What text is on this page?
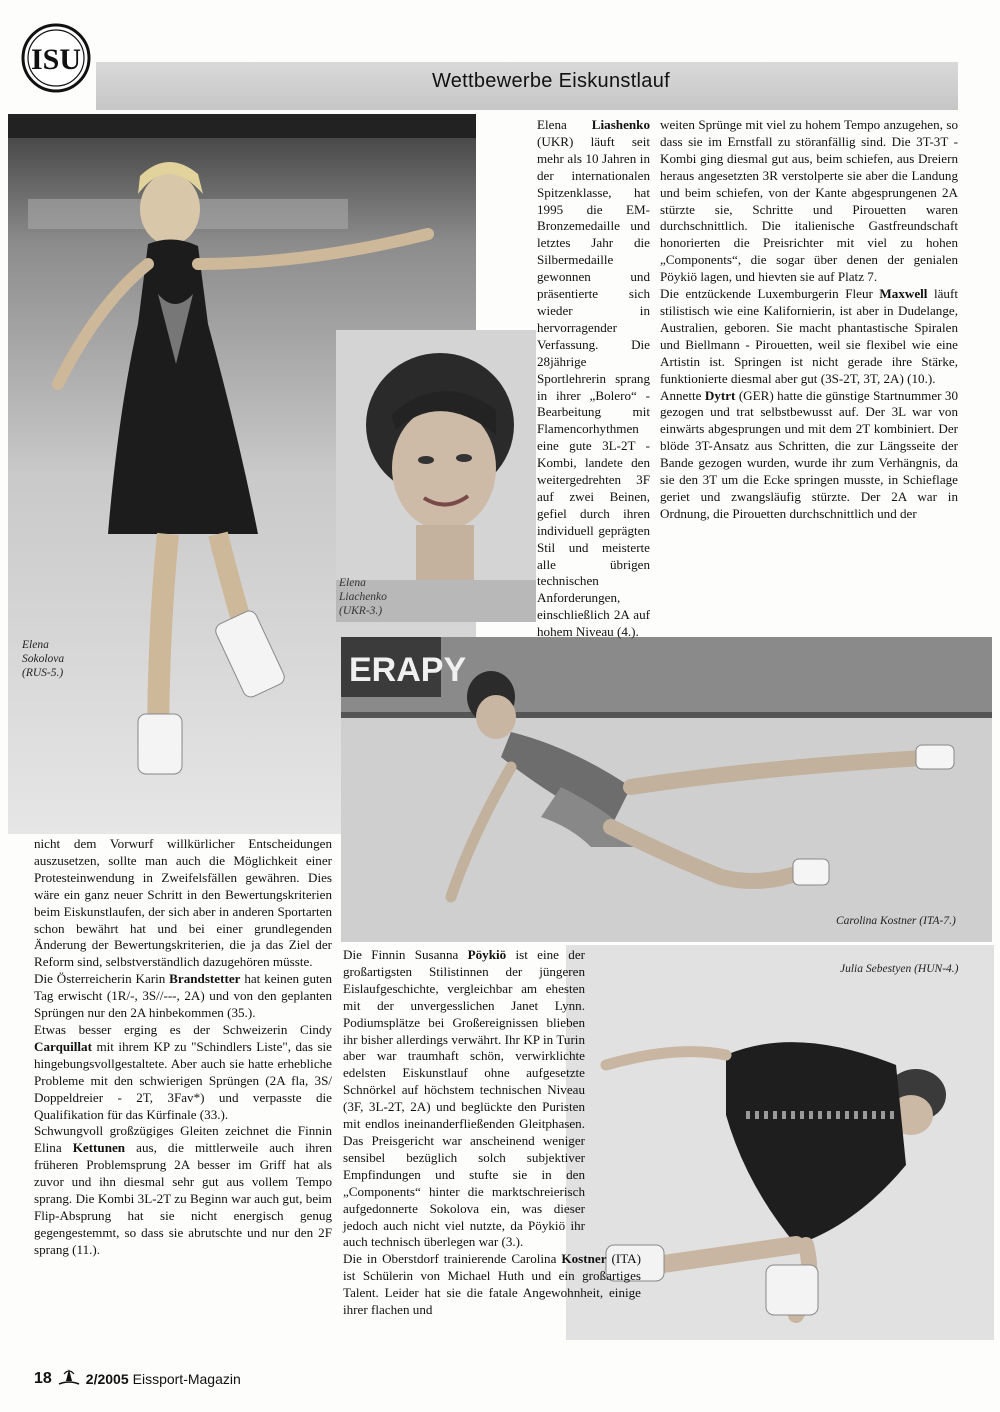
ISU
Wettbewerbe Eiskunstlauf
ERAPY
Elena
Sokolova
(RUS-5.)
Elena
Liachenko
(UKR-3.)
Carolina Kostner (ITA-7.)
Julia Sebestyen (HUN-4.)

Elena Liashenko (UKR) läuft seit mehr als 10 Jahren in der internationalen Spitzenklasse, hat 1995 die EM-Bronzemedaille und letztes Jahr die Silbermedaille gewonnen und präsentierte sich wieder in hervorragender Verfassung. Die 28jährige Sportlehrerin sprang in ihrer „Bolero“ - Bearbeitung mit Flamencorhythmen eine gute 3L-2T - Kombi, landete den weitergedrehten 3F auf zwei Beinen, gefiel durch ihren individuell geprägten Stil und meisterte alle übrigen technischen Anforderungen, einschließlich 2A auf hohem Niveau (4.).

weiten Sprünge mit viel zu hohem Tempo anzugehen, so dass sie im Ernstfall zu störanfällig sind. Die 3T-3T - Kombi ging diesmal gut aus, beim schiefen, aus Dreiern heraus angesetzten 3R verstolperte sie aber die Landung und beim schiefen, von der Kante abgesprungenen 2A stürzte sie, Schritte und Pirouetten waren durchschnittlich. Die italienische Gastfreundschaft honorierten die Preisrichter mit viel zu hohen „Components“, die sogar über denen der genialen Pöykiö lagen, und hievten sie auf Platz 7.

Die entzückende Luxemburgerin Fleur Maxwell läuft stilistisch wie eine Kalifornierin, ist aber in Dudelange, Australien, geboren. Sie macht phantastische Spiralen und Biellmann - Pirouetten, weil sie flexibel wie eine Artistin ist. Springen ist nicht gerade ihre Stärke, funktionierte diesmal aber gut (3S-2T, 3T, 2A) (10.).

Annette Dytrt (GER) hatte die günstige Startnummer 30 gezogen und trat selbstbewusst auf. Der 3L war von einwärts abgesprungen und mit dem 2T kombiniert. Der blöde 3T-Ansatz aus Schritten, die zur Längsseite der Bande gezogen wurden, wurde ihr zum Verhängnis, da sie den 3T um die Ecke springen musste, in Schieflage geriet und zwangsläufig stürzte. Der 2A war in Ordnung, die Pirouetten durchschnittlich und der

nicht dem Vorwurf willkürlicher Entscheidungen auszusetzen, sollte man auch die Möglichkeit einer Protesteinwendung in Zweifelsfällen gewähren. Dies wäre ein ganz neuer Schritt in den Bewertungskriterien beim Eiskunstlaufen, der sich aber in anderen Sportarten schon bewährt hat und bei einer grundlegenden Änderung der Bewertungskriterien, die ja das Ziel der Reform sind, selbstverständlich dazugehören müsste.

Die Österreicherin Karin Brandstetter hat keinen guten Tag erwischt (1R/-, 3S//---, 2A) und von den geplanten Sprüngen nur den 2A hinbekommen (35.).

Etwas besser erging es der Schweizerin Cindy Carquillat mit ihrem KP zu "Schindlers Liste", das sie hingebungsvollgestaltete. Aber auch sie hatte erhebliche Probleme mit den schwierigen Sprüngen (2A fla, 3S/ Doppeldreier - 2T, 3Fav*) und verpasste die Qualifikation für das Kürfinale (33.).

Schwungvoll großzügiges Gleiten zeichnet die Finnin Elina Kettunen aus, die mittlerweile auch ihren früheren Problemsprung 2A besser im Griff hat als zuvor und ihn diesmal sehr gut aus vollem Tempo sprang. Die Kombi 3L-2T zu Beginn war auch gut, beim Flip-Absprung hat sie nicht energisch genug gegengestemmt, so dass sie abrutschte und nur den 2F sprang (11.).

Die Finnin Susanna Pöykiö ist eine der großartigsten Stilistinnen der jüngeren Eislaufgeschichte, vergleichbar am ehesten mit der unvergesslichen Janet Lynn. Podiumsplätze bei Großereignissen blieben ihr bisher allerdings verwährt. Ihr KP in Turin aber war traumhaft schön, verwirklichte edelsten Eiskunstlauf ohne aufgesetzte Schnörkel auf höchstem technischen Niveau (3F, 3L-2T, 2A) und beglückte den Puristen mit endlos ineinanderfließenden Gleitphasen. Das Preisgericht war anscheinend weniger sensibel bezüglich solch subjektiver Empfindungen und stufte sie in den „Components“ hinter die marktschreierisch aufgedonnerte Sokolova ein, was dieser jedoch auch nicht viel nutzte, da Pöykiö ihr auch technisch überlegen war (3.).

Die in Oberstdorf trainierende Carolina Kostner (ITA) ist Schülerin von Michael Huth und ein großartiges Talent. Leider hat sie die fatale Angewohnheit, einige ihrer flachen und

18 2/2005 Eissport-Magazin
